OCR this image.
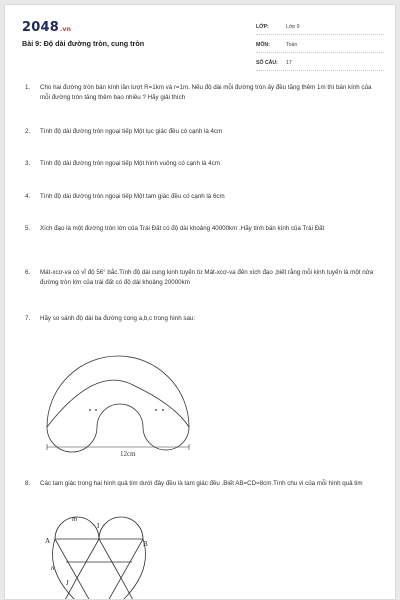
2048.vn
Bài 9: Độ dài đường tròn, cung tròn
LỚP:	Lớp 9
MÔN:	Toán
SỐ CÂU:	17
1.	Cho hai đường tròn bán kính lần lượt R=1km và r=1m. Nếu độ dài mỗi đường tròn ấy đều tăng thêm 1m thì bán kính của mỗi đường tròn tăng thêm bao nhiêu ? Hãy giải thích
2.	Tính độ dài đường tròn ngoại tiếp Một lục giác đều có cạnh là 4cm
3.	Tính độ dài đường tròn ngoại tiếp Một hình vuông có cạnh là 4cm
4.	Tính độ dài đường tròn ngoại tiếp Một tam giác đều có cạnh là 6cm
5.	Xích đạo là một đường tròn lớn của Trái Đất có độ dài khoảng 40000km .Hãy tính bán kính của Trái Đất
6.	Mát-xcơ-va có vĩ độ 56° bắc.Tính độ dài cung kinh tuyến từ Mát-xcơ-va đến xích đạo ,biết rằng mỗi kinh tuyến là một nửa đường tròn lớn của trái đất có độ dài khoảng 20000km
7.	Hãy so sánh độ dài ba đường cong a,b,c trong hình sau:
12cm
8.	Các tam giác trong hai hình quả tim dưới đây đều là tam giác đều .Biết AB=CD=8cm.Tính chu vi của mỗi hình quả tim
m
I
A	B
n
J
